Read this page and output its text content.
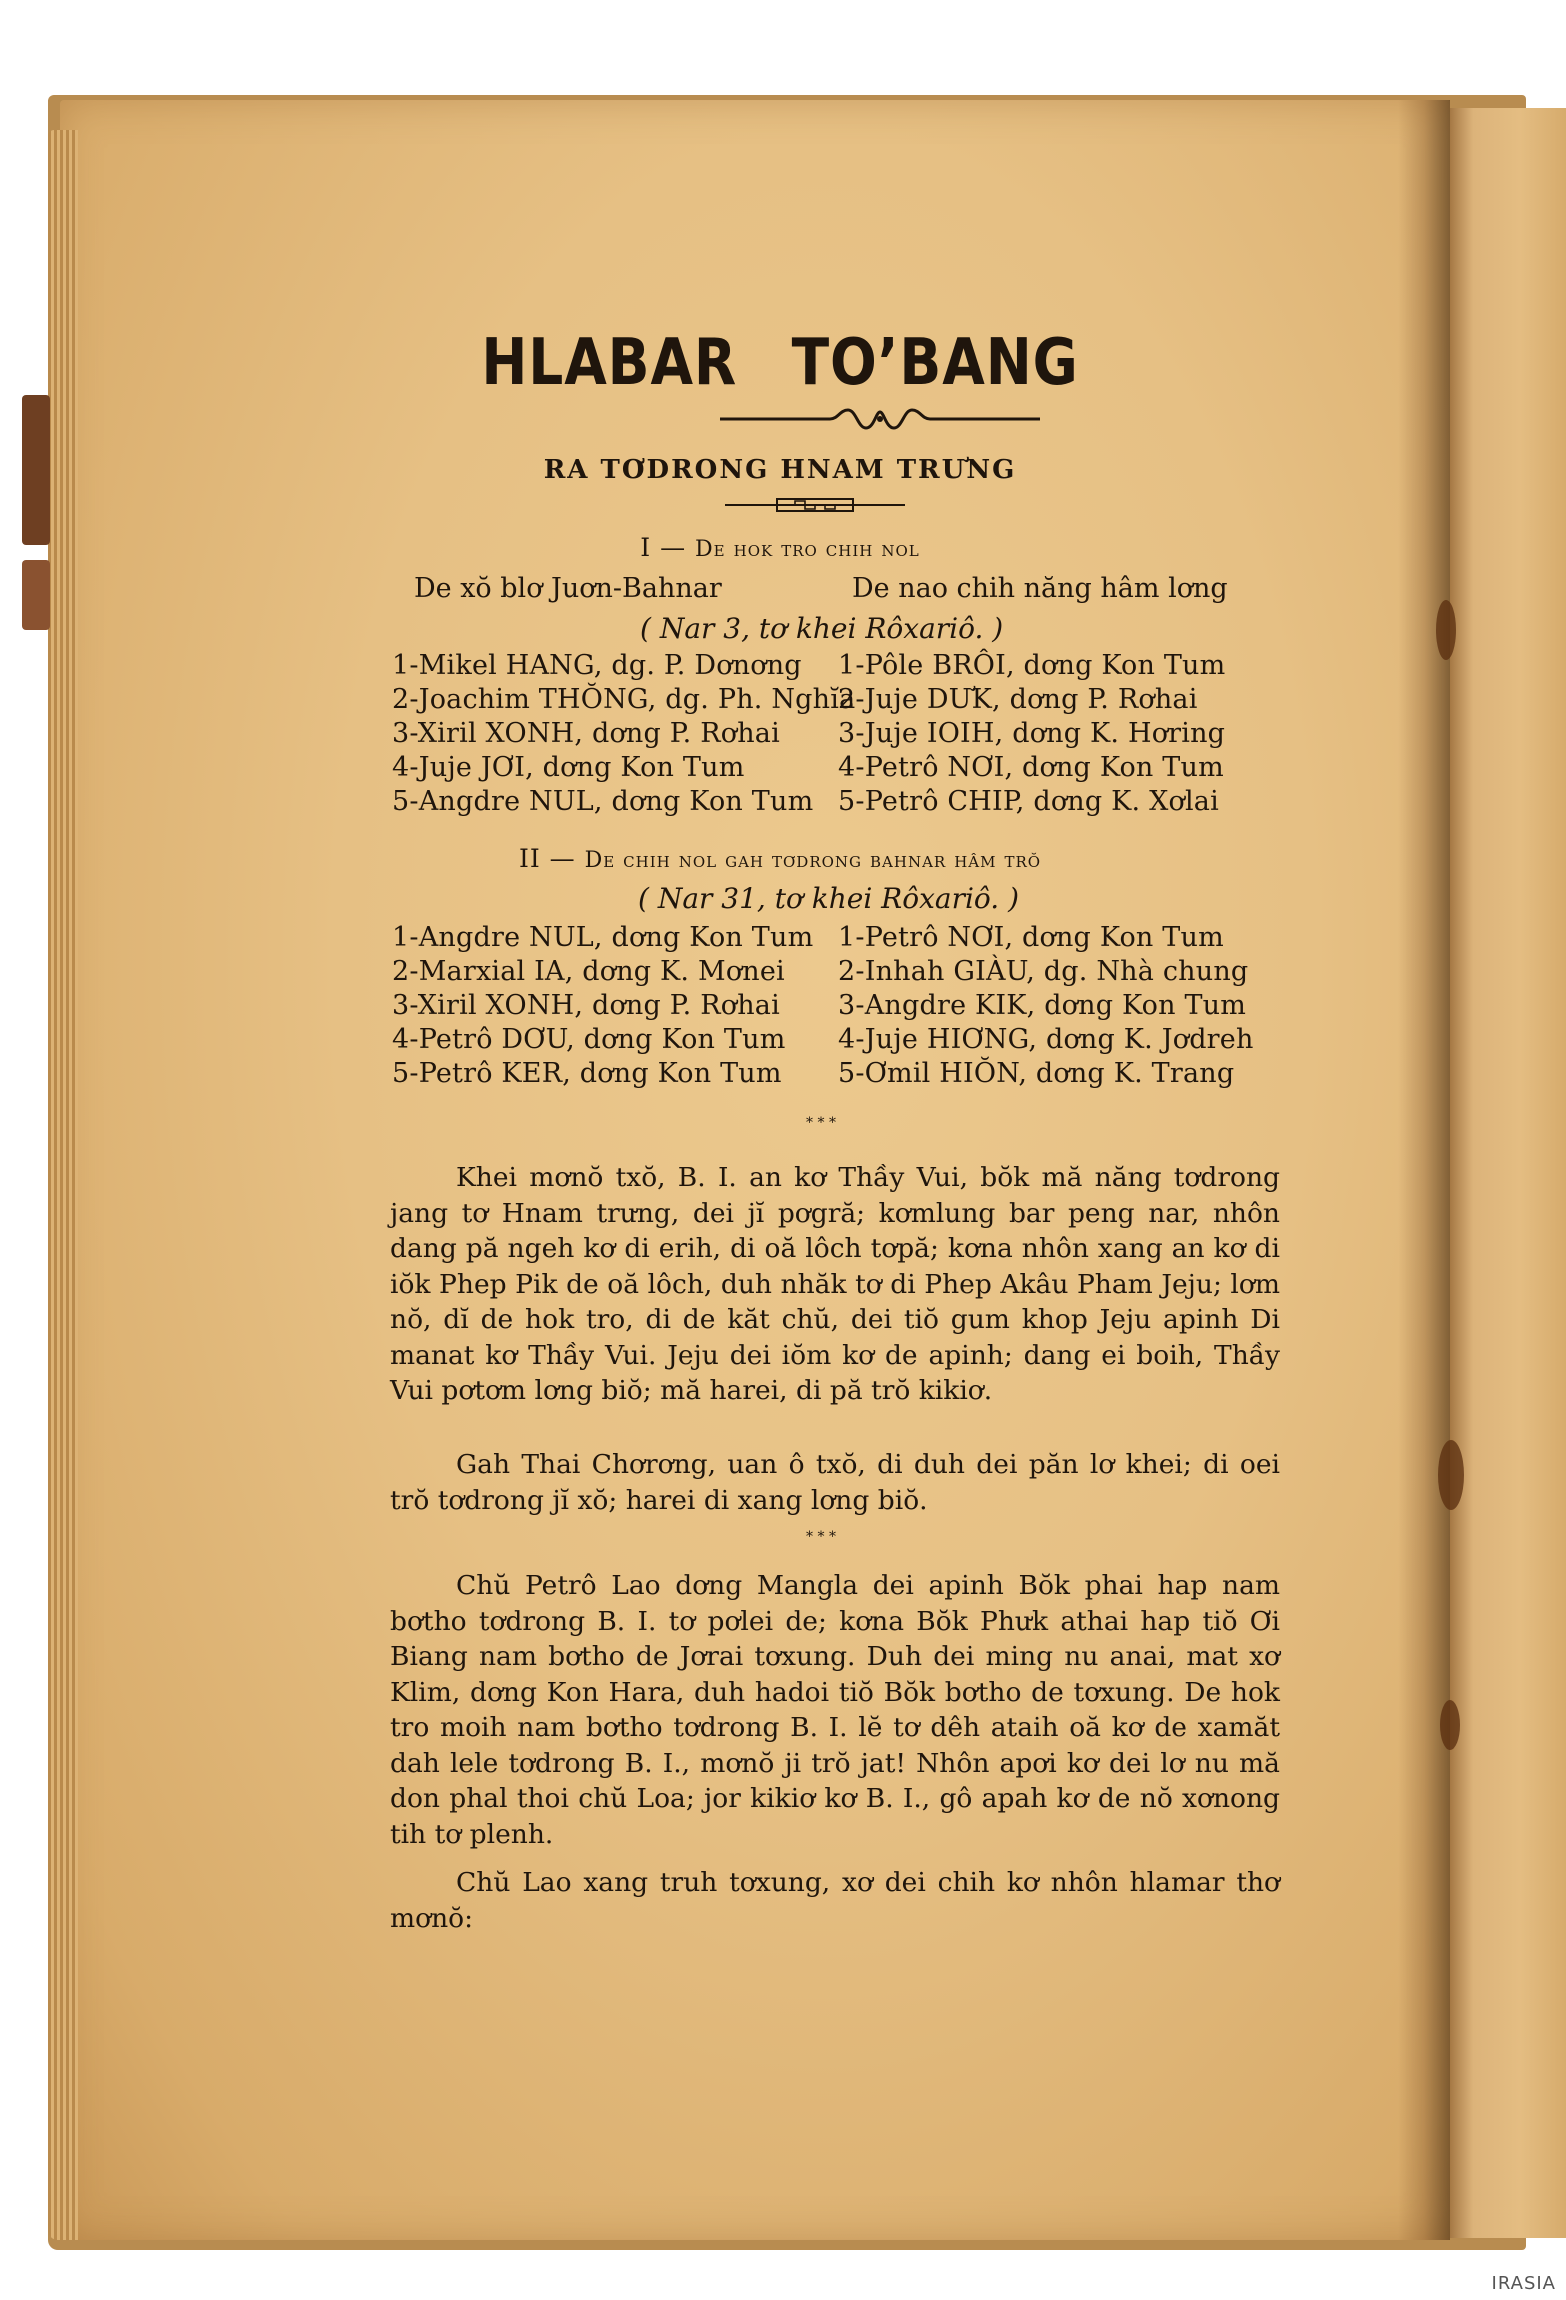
HLABAR TO’BANG
RA TƠDRONG HNAM TRƯNG

I — De hok tro chih nol

De xŏ blơ Juơn-Bahnar	De nao chih năng hâm lơng

( Nar 3, tơ khei Rôxariô. )

1-Mikel HANG, dg. P. Dơnơng
2-Joachim THŎNG, dg. Ph. Nghĭa
3-Xiril XONH, dơng P. Rơhai
4-Juje JƠI, dơng Kon Tum
5-Angdre NUL, dơng Kon Tum
1-Pôle BRÔI, dơng Kon Tum
2-Juje DƯK, dơng P. Rơhai
3-Juje IOIH, dơng K. Hơring
4-Petrô NƠI, dơng Kon Tum
5-Petrô CHIP, dơng K. Xơlai

II — De chih nol gah tơdrong bahnar hâm trŏ

( Nar 31, tơ khei Rôxariô. )

1-Angdre NUL, dơng Kon Tum
2-Marxial IA, dơng K. Mơnei
3-Xiril XONH, dơng P. Rơhai
4-Petrô DƠU, dơng Kon Tum
5-Petrô KER, dơng Kon Tum
1-Petrô NƠI, dơng Kon Tum
2-Inhah GIÀU, dg. Nhà chung
3-Angdre KIK, dơng Kon Tum
4-Juje HIƠNG, dơng K. Jơdreh
5-Ơmil HIŎN, dơng K. Trang
* * *

Khei mơnŏ txŏ, B. I. an kơ Thầy Vui, bŏk mă năng tơdrong jang tơ Hnam trưng, dei jĭ pơgră; kơmlung bar peng nar, nhôn dang pă ngeh kơ di erih, di oă lôch tơpă; kơna nhôn xang an kơ di iŏk Phep Pik de oă lôch, duh nhăk tơ di Phep Akâu Pham Jeju; lơm nŏ, dĭ de hok tro, di de kăt chŭ, dei tiŏ gum khop Jeju apinh Di manat kơ Thầy Vui. Jeju dei iŏm kơ de apinh; dang ei boih, Thầy Vui pơtơm lơng biŏ; mă harei, di pă trŏ kikiơ.

Gah Thai Chơrơng, uan ô txŏ, di duh dei păn lơ khei; di oei trŏ tơdrong jĭ xŏ; harei di xang lơng biŏ.

* * *

Chŭ Petrô Lao dơng Mangla dei apinh Bŏk phai hap nam bơtho tơdrong B. I. tơ pơlei de; kơna Bŏk Phưk athai hap tiŏ Ơi Biang nam bơtho de Jơrai tơxung. Duh dei ming nu anai, mat xơ Klim, dơng Kon Hara, duh hadoi tiŏ Bŏk bơtho de tơxung. De hok tro moih nam bơtho tơdrong B. I. lĕ tơ dêh ataih oă kơ de xamăt dah lele tơdrong B. I., mơnŏ ji trŏ jat! Nhôn apơi kơ dei lơ nu mă don phal thoi chŭ Loa; jor kikiơ kơ B. I., gô apah kơ de nŏ xơnong tih tơ plenh.

Chŭ Lao xang truh tơxung, xơ dei chih kơ nhôn hlamar thơ mơnŏ:

IRASIA
